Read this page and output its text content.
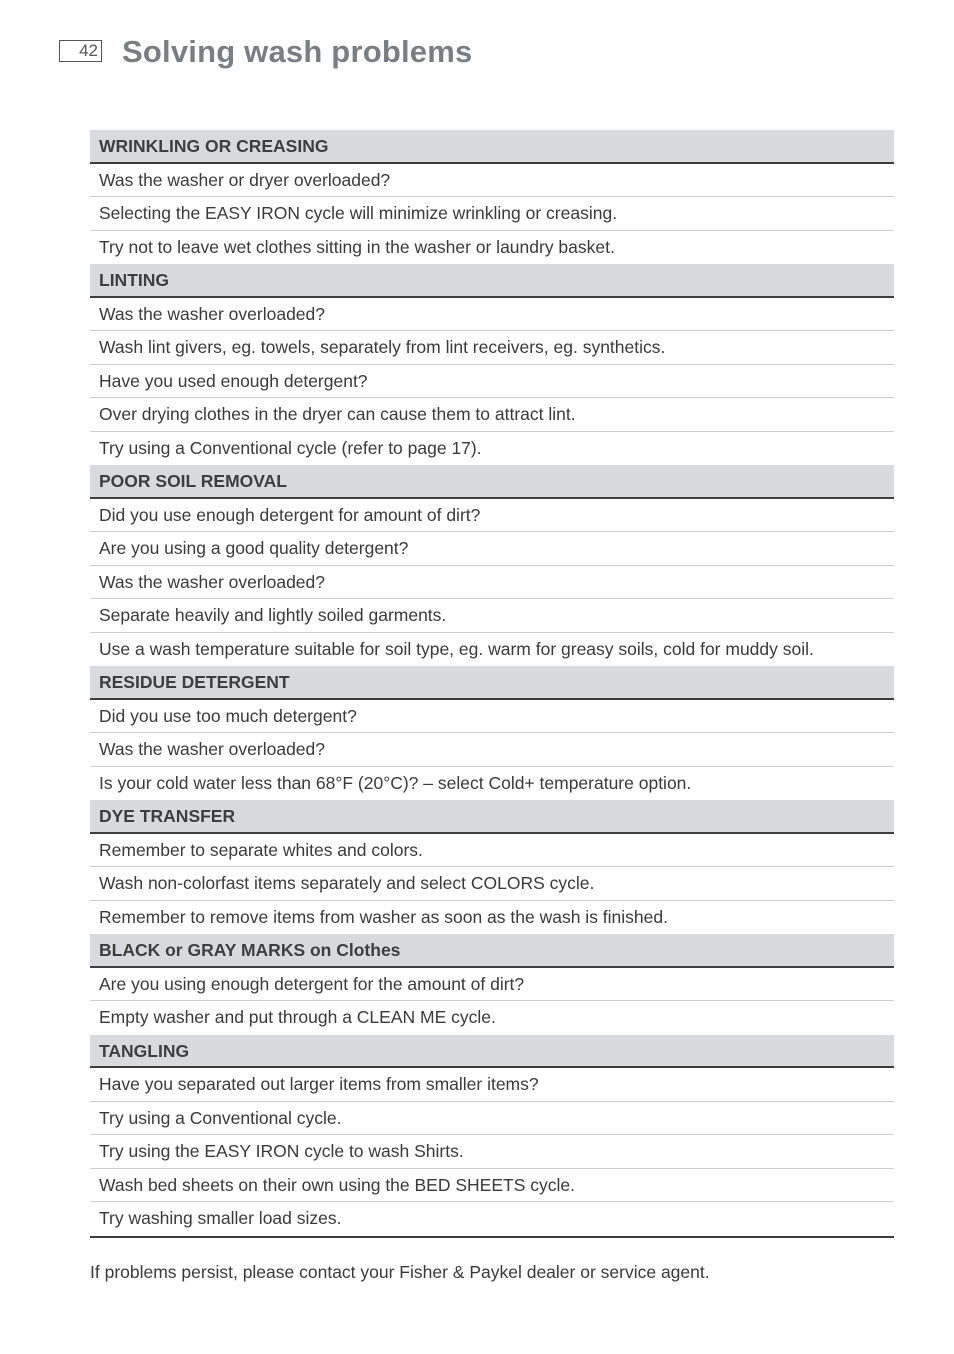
42 Solving wash problems
WRINKLING OR CREASING
Was the washer or dryer overloaded?
Selecting the EASY IRON cycle will minimize wrinkling or creasing.
Try not to leave wet clothes sitting in the washer or laundry basket.
LINTING
Was the washer overloaded?
Wash lint givers, eg. towels, separately from lint receivers, eg. synthetics.
Have you used enough detergent?
Over drying clothes in the dryer can cause them to attract lint.
Try using a Conventional cycle (refer to page 17).
POOR SOIL REMOVAL
Did you use enough detergent for amount of dirt?
Are you using a good quality detergent?
Was the washer overloaded?
Separate heavily and lightly soiled garments.
Use a wash temperature suitable for soil type, eg. warm for greasy soils, cold for muddy soil.
RESIDUE DETERGENT
Did you use too much detergent?
Was the washer overloaded?
Is your cold water less than 68°F (20°C)? – select Cold+ temperature option.
DYE TRANSFER
Remember to separate whites and colors.
Wash non-colorfast items separately and select COLORS cycle.
Remember to remove items from washer as soon as the wash is finished.
BLACK or GRAY MARKS on Clothes
Are you using enough detergent for the amount of dirt?
Empty washer and put through a CLEAN ME cycle.
TANGLING
Have you separated out larger items from smaller items?
Try using a Conventional cycle.
Try using the EASY IRON cycle to wash Shirts.
Wash bed sheets on their own using the BED SHEETS cycle.
Try washing smaller load sizes.

If problems persist, please contact your Fisher & Paykel dealer or service agent.
